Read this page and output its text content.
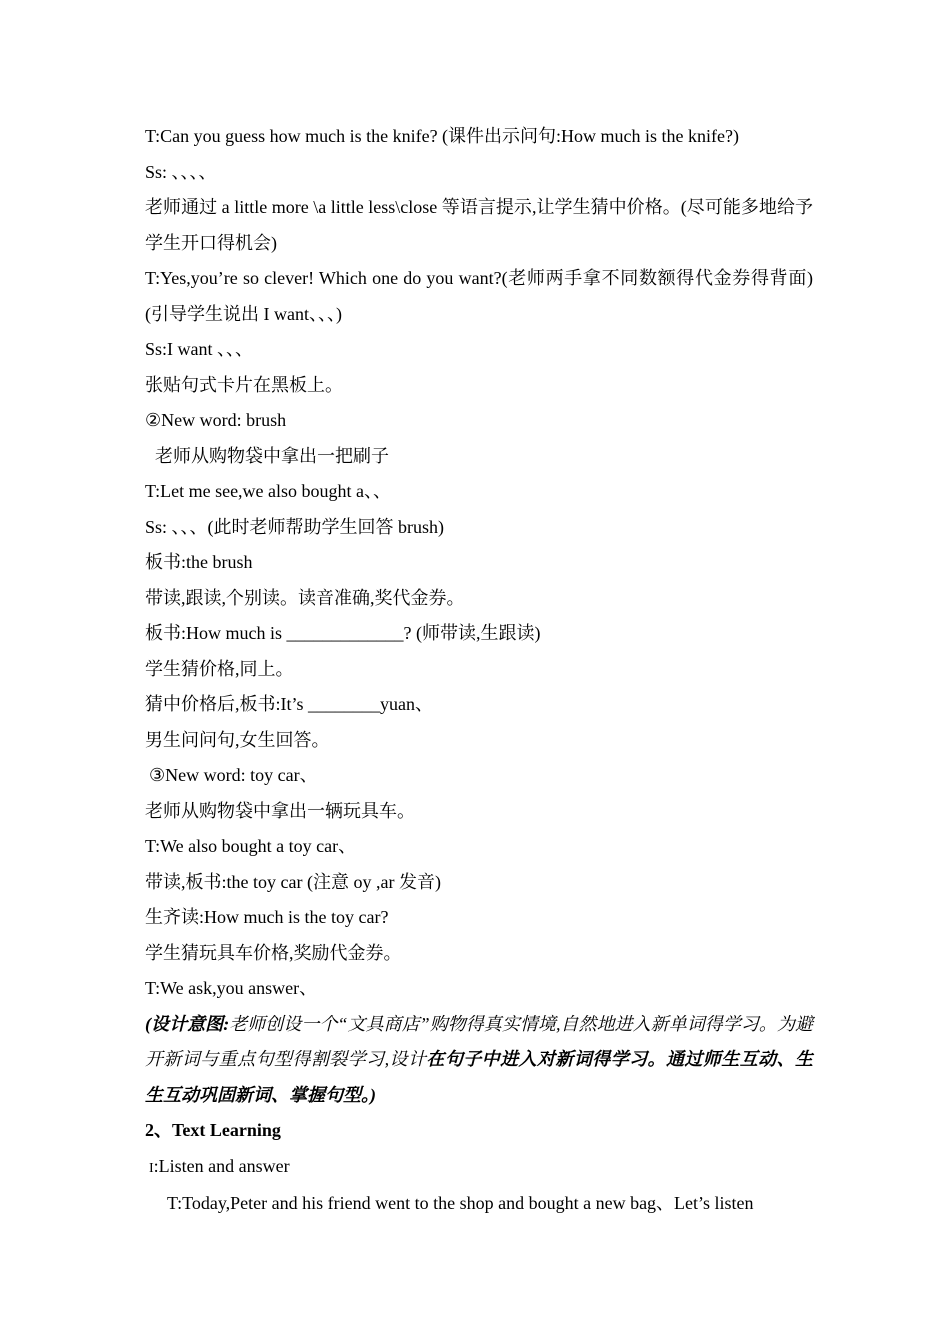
T:Can you guess how much is the knife? (课件出示问句:How much is the knife?)
Ss: 、、、、
老师通过 a little more \a little less\close 等语言提示,让学生猜中价格。(尽可能多地给予学生开口得机会)
T:Yes,you’re so clever! Which one do you want?(老师两手拿不同数额得代金券得背面)(引导学生说出 I want、、、)
Ss:I want 、、、
张贴句式卡片在黑板上。
②New word: brush
老师从购物袋中拿出一把刷子
T:Let me see,we also bought a、、
Ss: 、、、(此时老师帮助学生回答 brush)
板书:the brush
带读,跟读,个别读。读音准确,奖代金券。
板书:How much is _____________? (师带读,生跟读)
学生猜价格,同上。
猜中价格后,板书:It’s ________yuan、
男生问问句,女生回答。
③New word: toy car、
老师从购物袋中拿出一辆玩具车。
T:We also bought a toy car、
带读,板书:the toy car (注意 oy ,ar 发音)
生齐读:How much is the toy car?
学生猜玩具车价格,奖励代金券。
T:We ask,you answer、
(设计意图:老师创设一个“文具商店”购物得真实情境,自然地进入新单词得学习。为避开新词与重点句型得割裂学习,设计在句子中进入对新词得学习。通过师生互动、生生互动巩固新词、掌握句型。)
2、Text Learning
I:Listen and answer
T:Today,Peter and his friend went to the shop and bought a new bag、Let’s listen
